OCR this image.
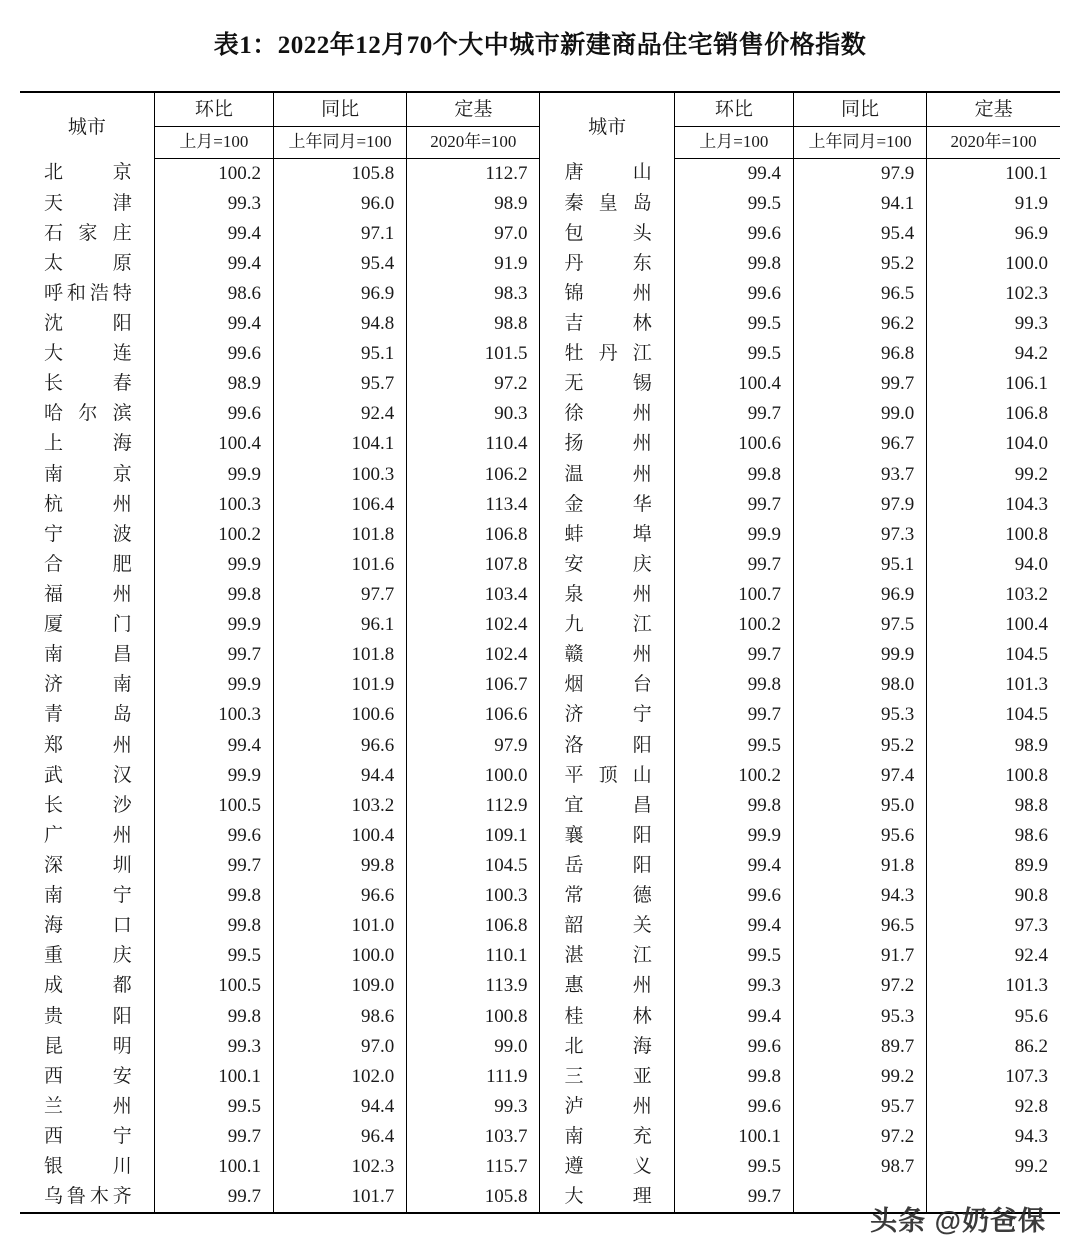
表1：2022年12月70个大中城市新建商品住宅销售价格指数
城市	环比	同比	定基	城市	环比	同比	定基
	上月=100	上年同月=100	2020年=100		上月=100	上年同月=100	2020年=100
北　　京	100.2	105.8	112.7	唐　　山	99.4	97.9	100.1
天　　津	99.3	96.0	98.9	秦 皇 岛	99.5	94.1	91.9
石 家 庄	99.4	97.1	97.0	包　　头	99.6	95.4	96.9
太　　原	99.4	95.4	91.9	丹　　东	99.8	95.2	100.0
呼和浩特	98.6	96.9	98.3	锦　　州	99.6	96.5	102.3
沈　　阳	99.4	94.8	98.8	吉　　林	99.5	96.2	99.3
大　　连	99.6	95.1	101.5	牡 丹 江	99.5	96.8	94.2
长　　春	98.9	95.7	97.2	无　　锡	100.4	99.7	106.1
哈 尔 滨	99.6	92.4	90.3	徐　　州	99.7	99.0	106.8
上　　海	100.4	104.1	110.4	扬　　州	100.6	96.7	104.0
南　　京	99.9	100.3	106.2	温　　州	99.8	93.7	99.2
杭　　州	100.3	106.4	113.4	金　　华	99.7	97.9	104.3
宁　　波	100.2	101.8	106.8	蚌　　埠	99.9	97.3	100.8
合　　肥	99.9	101.6	107.8	安　　庆	99.7	95.1	94.0
福　　州	99.8	97.7	103.4	泉　　州	100.7	96.9	103.2
厦　　门	99.9	96.1	102.4	九　　江	100.2	97.5	100.4
南　　昌	99.7	101.8	102.4	赣　　州	99.7	99.9	104.5
济　　南	99.9	101.9	106.7	烟　　台	99.8	98.0	101.3
青　　岛	100.3	100.6	106.6	济　　宁	99.7	95.3	104.5
郑　　州	99.4	96.6	97.9	洛　　阳	99.5	95.2	98.9
武　　汉	99.9	94.4	100.0	平 顶 山	100.2	97.4	100.8
长　　沙	100.5	103.2	112.9	宜　　昌	99.8	95.0	98.8
广　　州	99.6	100.4	109.1	襄　　阳	99.9	95.6	98.6
深　　圳	99.7	99.8	104.5	岳　　阳	99.4	91.8	89.9
南　　宁	99.8	96.6	100.3	常　　德	99.6	94.3	90.8
海　　口	99.8	101.0	106.8	韶　　关	99.4	96.5	97.3
重　　庆	99.5	100.0	110.1	湛　　江	99.5	91.7	92.4
成　　都	100.5	109.0	113.9	惠　　州	99.3	97.2	101.3
贵　　阳	99.8	98.6	100.8	桂　　林	99.4	95.3	95.6
昆　　明	99.3	97.0	99.0	北　　海	99.6	89.7	86.2
西　　安	100.1	102.0	111.9	三　　亚	99.8	99.2	107.3
兰　　州	99.5	94.4	99.3	泸　　州	99.6	95.7	92.8
西　　宁	99.7	96.4	103.7	南　　充	100.1	97.2	94.3
银　　川	100.1	102.3	115.7	遵　　义	99.5	98.7	99.2
乌鲁木齐	99.7	101.7	105.8	大　　理	99.7		
头条 @奶爸保
